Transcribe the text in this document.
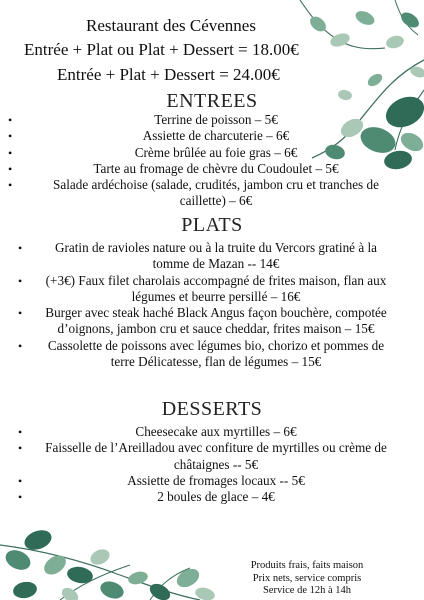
Restaurant des Cévennes
Entrée + Plat ou Plat + Dessert = 18.00€
Entrée + Plat + Dessert = 24.00€
ENTREES
•	Terrine de poisson – 5€
•	Assiette de charcuterie – 6€
•	Crème brûlée au foie gras – 6€
•	Tarte au fromage de chèvre du Coudoulet – 5€
•	Salade ardéchoise (salade, crudités, jambon cru et tranches de caillette) – 6€
PLATS
• Gratin de ravioles nature ou à la truite du Vercors gratiné à la tomme de Mazan -- 14€
• (+3€) Faux filet charolais accompagné de frites maison, flan aux légumes et beurre persillé – 16€
• Burger avec steak haché Black Angus façon bouchère, compotée d’oignons, jambon cru et sauce cheddar, frites maison – 15€
• Cassolette de poissons avec légumes bio, chorizo et pommes de terre Délicatesse, flan de légumes – 15€
DESSERTS
•	Cheesecake aux myrtilles – 6€
• Faisselle de l’Areilladou avec confiture de myrtilles ou crème de châtaignes -- 5€
•	Assiette de fromages locaux -- 5€
•	2 boules de glace – 4€
Produits frais, faits maison
Prix nets, service compris
Service de 12h à 14h
